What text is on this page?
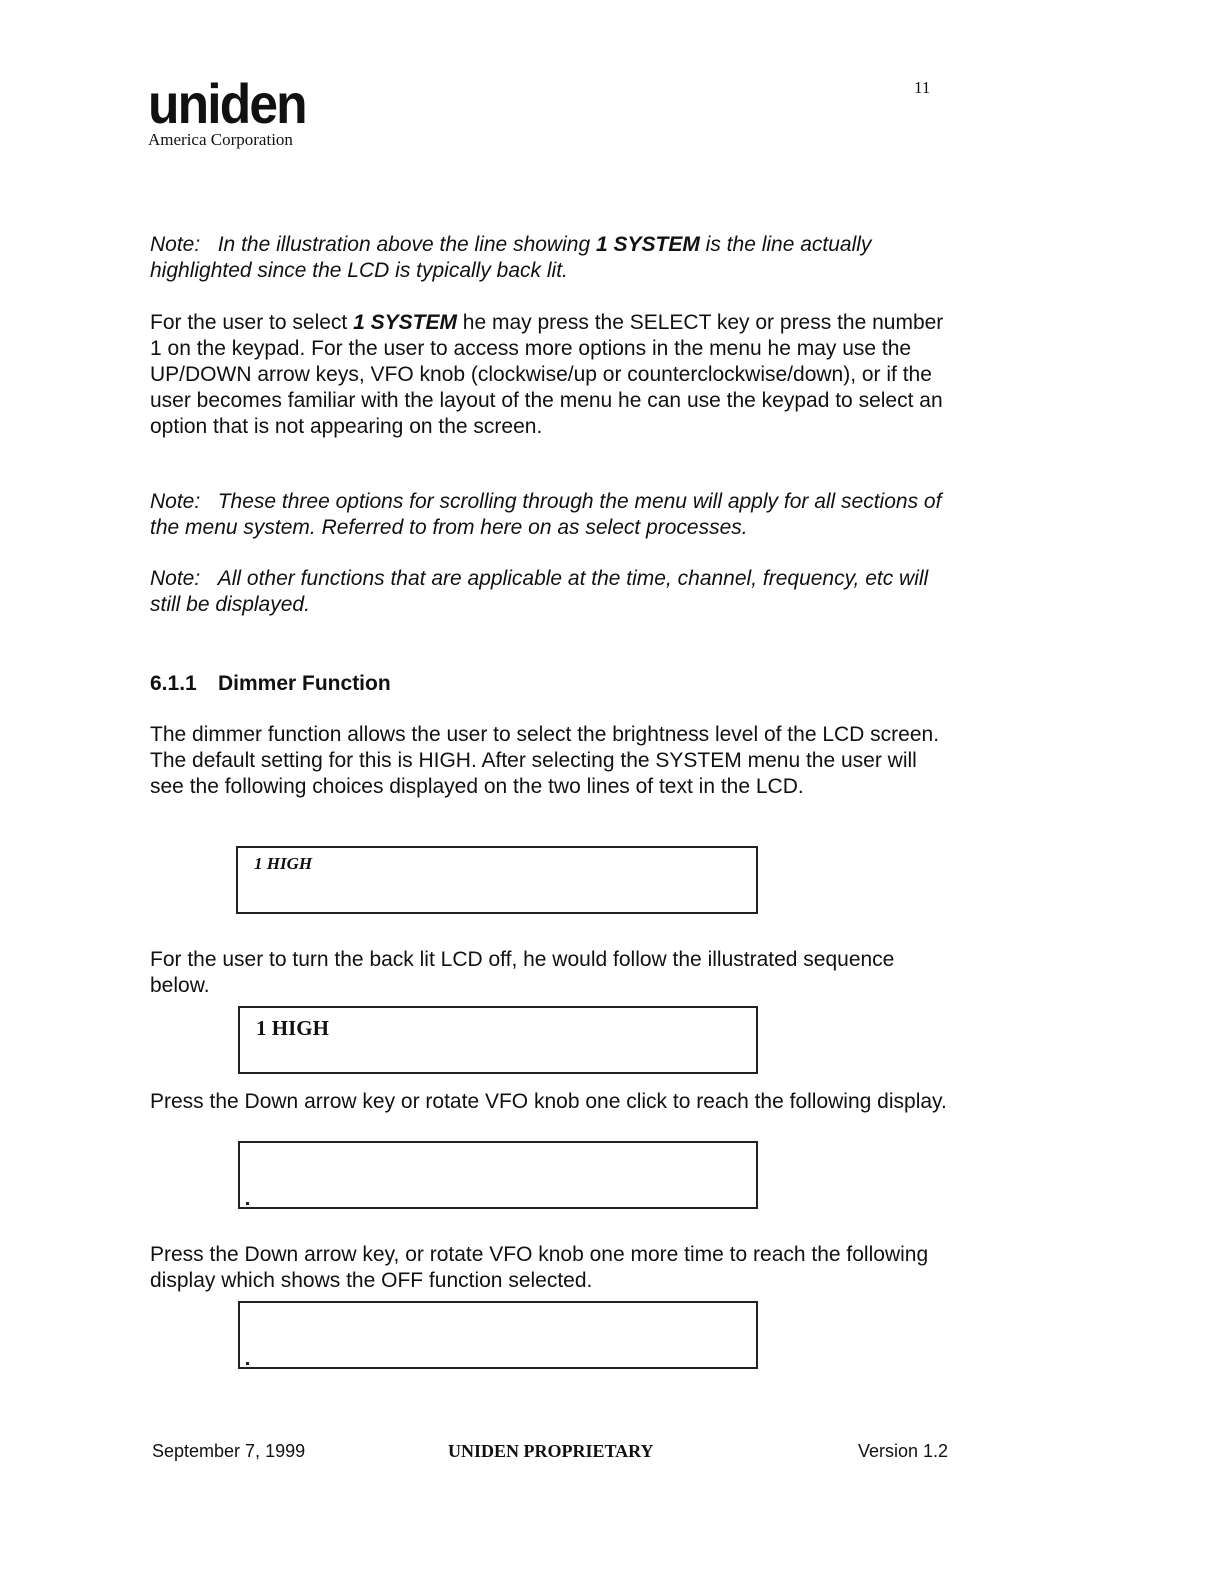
uniden
America Corporation
11

Note: In the illustration above the line showing 1 SYSTEM is the line actually highlighted since the LCD is typically back lit.

For the user to select 1 SYSTEM he may press the SELECT key or press the number 1 on the keypad. For the user to access more options in the menu he may use the UP/DOWN arrow keys, VFO knob (clockwise/up or counterclockwise/down), or if the user becomes familiar with the layout of the menu he can use the keypad to select an option that is not appearing on the screen.

Note: These three options for scrolling through the menu will apply for all sections of the menu system. Referred to from here on as select processes.

Note: All other functions that are applicable at the time, channel, frequency, etc will still be displayed.

6.1.1 Dimmer Function

The dimmer function allows the user to select the brightness level of the LCD screen. The default setting for this is HIGH. After selecting the SYSTEM menu the user will see the following choices displayed on the two lines of text in the LCD.

1 HIGH

For the user to turn the back lit LCD off, he would follow the illustrated sequence below.

1 HIGH

Press the Down arrow key or rotate VFO knob one click to reach the following display.

Press the Down arrow key, or rotate VFO knob one more time to reach the following display which shows the OFF function selected.

September 7, 1999	UNIDEN PROPRIETARY	Version 1.2
